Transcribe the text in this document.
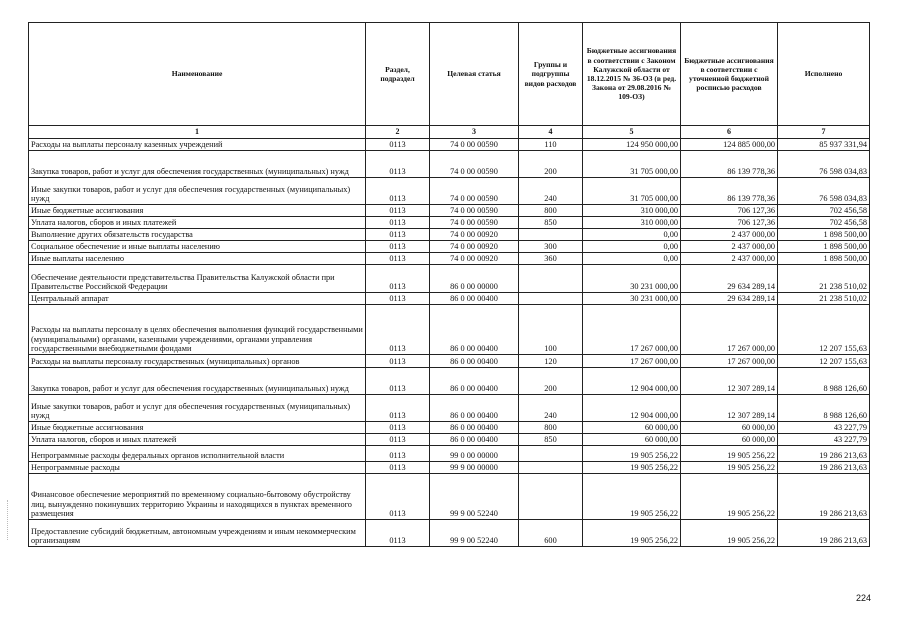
Наименование	Раздел, подраздел	Целевая статья	Группы и подгруппы видов расходов	Бюджетные ассигнования в соответствии с Законом Калужской области от 18.12.2015 № 36-ОЗ (в ред. Закона от 29.08.2016 № 109-ОЗ)	Бюджетные ассигнования в соответствии с уточненной бюджетной росписью расходов	Исполнено
1	2	3	4	5	6	7
Расходы на выплаты персоналу казенных учреждений	0113	74 0 00 00590	110	124 950 000,00	124 885 000,00	85 937 331,94
Закупка товаров, работ и услуг для обеспечения государственных (муниципальных) нужд	0113	74 0 00 00590	200	31 705 000,00	86 139 778,36	76 598 034,83
Иные закупки товаров, работ и услуг для обеспечения государственных (муниципальных) нужд	0113	74 0 00 00590	240	31 705 000,00	86 139 778,36	76 598 034,83
Иные бюджетные ассигнования	0113	74 0 00 00590	800	310 000,00	706 127,36	702 456,58
Уплата налогов, сборов и иных платежей	0113	74 0 00 00590	850	310 000,00	706 127,36	702 456,58
Выполнение других обязательств государства	0113	74 0 00 00920		0,00	2 437 000,00	1 898 500,00
Социальное обеспечение и иные выплаты населению	0113	74 0 00 00920	300	0,00	2 437 000,00	1 898 500,00
Иные выплаты населению	0113	74 0 00 00920	360	0,00	2 437 000,00	1 898 500,00
Обеспечение деятельности представительства Правительства Калужской области при Правительстве Российской Федерации	0113	86 0 00 00000		30 231 000,00	29 634 289,14	21 238 510,02
Центральный аппарат	0113	86 0 00 00400		30 231 000,00	29 634 289,14	21 238 510,02
Расходы на выплаты персоналу в целях обеспечения выполнения функций государственными (муниципальными) органами, казенными учреждениями, органами управления государственными внебюджетными фондами	0113	86 0 00 00400	100	17 267 000,00	17 267 000,00	12 207 155,63
Расходы на выплаты персоналу государственных (муниципальных) органов	0113	86 0 00 00400	120	17 267 000,00	17 267 000,00	12 207 155,63
Закупка товаров, работ и услуг для обеспечения государственных (муниципальных) нужд	0113	86 0 00 00400	200	12 904 000,00	12 307 289,14	8 988 126,60
Иные закупки товаров, работ и услуг для обеспечения государственных (муниципальных) нужд	0113	86 0 00 00400	240	12 904 000,00	12 307 289,14	8 988 126,60
Иные бюджетные ассигнования	0113	86 0 00 00400	800	60 000,00	60 000,00	43 227,79
Уплата налогов, сборов и иных платежей	0113	86 0 00 00400	850	60 000,00	60 000,00	43 227,79
Непрограммные расходы федеральных органов исполнительной власти	0113	99 0 00 00000		19 905 256,22	19 905 256,22	19 286 213,63
Непрограммные расходы	0113	99 9 00 00000		19 905 256,22	19 905 256,22	19 286 213,63
Финансовое обеспечение мероприятий по временному социально-бытовому обустройству лиц, вынужденно покинувших территорию Украины и находящихся в пунктах временного размещения	0113	99 9 00 52240		19 905 256,22	19 905 256,22	19 286 213,63
Предоставление субсидий бюджетным, автономным учреждениям и иным некоммерческим организациям	0113	99 9 00 52240	600	19 905 256,22	19 905 256,22	19 286 213,63
224
